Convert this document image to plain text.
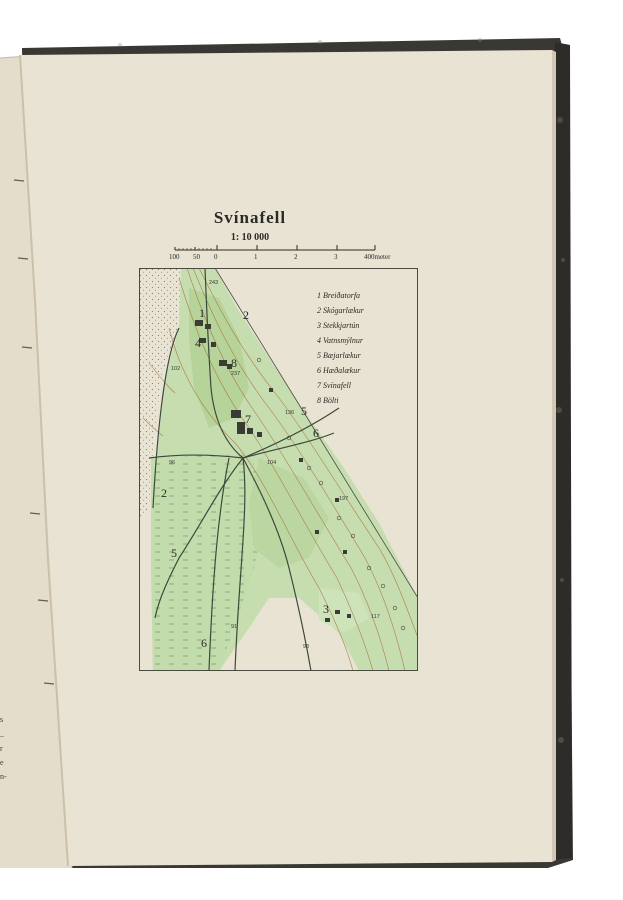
s
..
r
e
n-
Svínafell
1: 10 000
100 50 0	1	2	3	400meter
1 Breiðatorfa
2 Skógarlækur
3 Stekkjartún
4 Vatnsmýlnur
5 Bæjarlækur
6 Hæðalækur
7 Svínafell
8 Bölti
1	2
4
8
7
5
6
2
5
6
3
243
102
237
136
104
96
197
117
91
93
